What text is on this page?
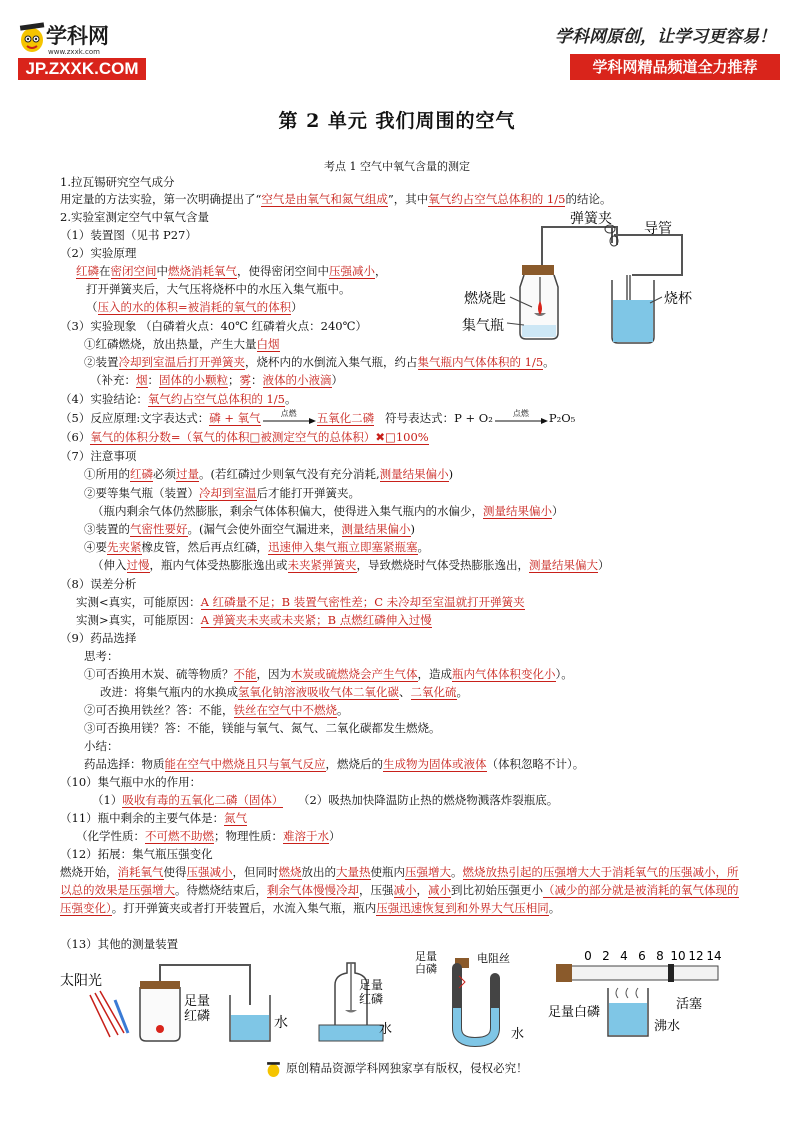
学科网
www.zxxk.com
JP.ZXXK.COM
学科网原创，让学习更容易！
学科网精品频道全力推荐
第 2 单元 我们周围的空气
考点 1 空气中氧气含量的测定
1.拉瓦锡研究空气成分
用定量的方法实验，第一次明确提出了“空气是由氧气和氮气组成”，其中氧气约占空气总体积的 1/5的结论。
2.实验室测定空气中氧气含量
（1）装置图（见书 P27）
（2）实验原理
红磷在密闭空间中燃烧消耗氧气，使得密闭空间中压强减小，
打开弹簧夹后，大气压将烧杯中的水压入集气瓶中。
（压入的水的体积=被消耗的氧气的体积）
（3）实验现象 （白磷着火点：40℃ 红磷着火点：240℃）
①红磷燃烧，放出热量，产生大量白烟
②装置冷却到室温后打开弹簧夹，烧杯内的水倒流入集气瓶，约占集气瓶内气体体积的 1/5。
（补充：烟：固体的小颗粒；雾：液体的小液滴）
（4）实验结论：氧气约占空气总体积的 1/5。
（5）反应原理:文字表达式：磷 + 氧气	点燃 五氧化二磷 符号表达式：P + O₂	点燃 P₂O₅
（6）氧气的体积分数=（氧气的体积□被测定空气的总体积）✖□100%
（7）注意事项
①所用的红磷必须过量。(若红磷过少则氧气没有充分消耗,测量结果偏小)
②要等集气瓶（装置）冷却到室温后才能打开弹簧夹。
（瓶内剩余气体仍然膨胀，剩余气体体积偏大，使得进入集气瓶内的水偏少，测量结果偏小）
③装置的气密性要好。(漏气会使外面空气漏进来，测量结果偏小)
④要先夹紧橡皮管，然后再点红磷，迅速伸入集气瓶立即塞紧瓶塞。
（伸入过慢，瓶内气体受热膨胀逸出或未夹紧弹簧夹，导致燃烧时气体受热膨胀逸出，测量结果偏大）
（8）误差分析
实测<真实，可能原因：A 红磷量不足；B 装置气密性差；C 未冷却至室温就打开弹簧夹
实测>真实，可能原因：A 弹簧夹未夹或未夹紧；B 点燃红磷伸入过慢
（9）药品选择
思考：
①可否换用木炭、硫等物质？不能，因为木炭或硫燃烧会产生气体，造成瓶内气体体积变化小）。
改进：将集气瓶内的水换成氢氧化钠溶液吸收气体二氧化碳、二氧化硫。
②可否换用铁丝？答：不能，铁丝在空气中不燃烧。
③可否换用镁？答：不能，镁能与氧气、氮气、二氧化碳都发生燃烧。
小结：
药品选择：物质能在空气中燃烧且只与氧气反应，燃烧后的生成物为固体或液体（体积忽略不计）。
（10）集气瓶中水的作用：
（1）吸收有毒的五氧化二磷（固体） （2）吸热加快降温防止热的燃烧物溅落炸裂瓶底。
（11）瓶中剩余的主要气体是：氮气
（化学性质：不可燃不助燃；物理性质：难溶于水）
（12）拓展：集气瓶压强变化
燃烧开始，消耗氧气使得压强减小，但同时燃烧放出的大量热使瓶内压强增大。燃烧放热引起的压强增大大于消耗氧气的压强减小，所以总的效果是压强增大。待燃烧结束后，剩余气体慢慢冷却，压强减小，减小到比初始压强更小（减少的部分就是被消耗的氧气体现的压强变化）。打开弹簧夹或者打开装置后，水流入集气瓶，瓶内压强迅速恢复到和外界大气压相同。
（13）其他的测量装置
弹簧夹
导管
燃烧匙	烧杯
集气瓶
太阳光
足量红磷	水
足量红磷
水
足量白磷
电阻丝
水
0 2 4 6 8 10 12 14
足量白磷
活塞
沸水
原创精品资源学科网独家享有版权，侵权必究！
